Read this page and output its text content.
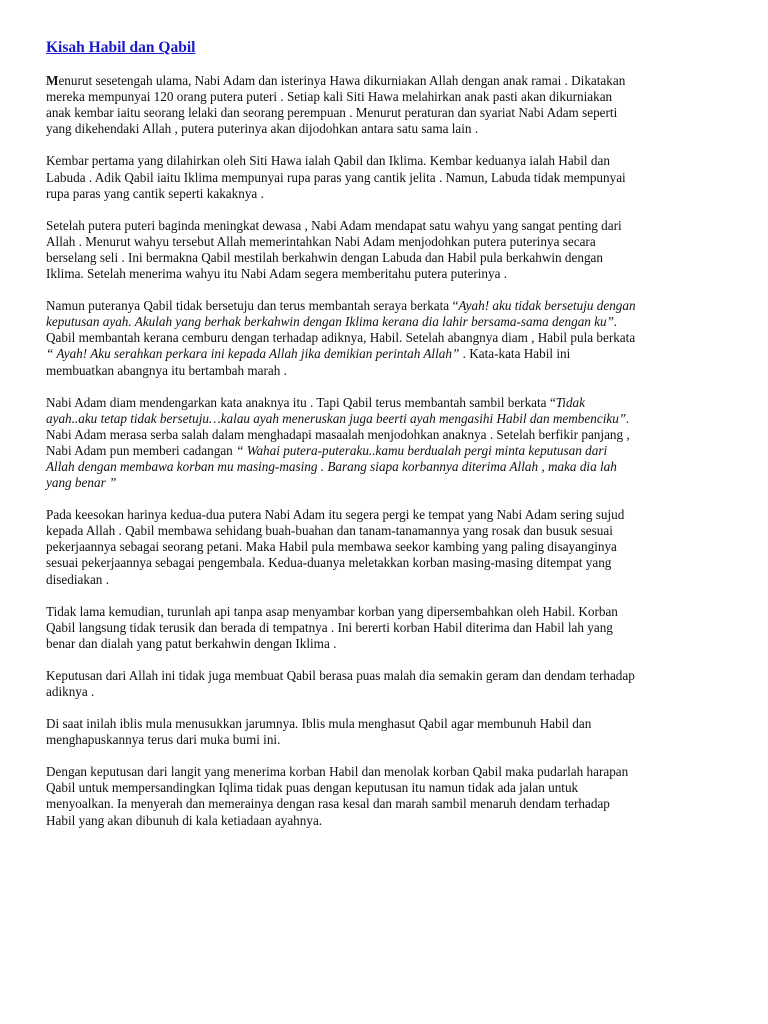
Kisah Habil dan Qabil
Menurut sesetengah ulama, Nabi Adam dan isterinya Hawa dikurniakan Allah dengan anak ramai . Dikatakan
mereka mempunyai 120 orang putera puteri . Setiap kali Siti Hawa melahirkan anak pasti akan dikurniakan
anak kembar iaitu seorang lelaki dan seorang perempuan . Menurut peraturan dan syariat Nabi Adam seperti
yang dikehendaki Allah , putera puterinya akan dijodohkan antara satu sama lain .
Kembar pertama yang dilahirkan oleh Siti Hawa ialah Qabil dan Iklima. Kembar keduanya ialah Habil dan
Labuda . Adik Qabil iaitu Iklima mempunyai rupa paras yang cantik jelita . Namun, Labuda tidak mempunyai
rupa paras yang cantik seperti kakaknya .
Setelah putera puteri baginda meningkat dewasa , Nabi Adam mendapat satu wahyu yang sangat penting dari
Allah . Menurut wahyu tersebut Allah memerintahkan Nabi Adam menjodohkan putera puterinya secara
berselang seli . Ini bermakna Qabil mestilah berkahwin dengan Labuda dan Habil pula berkahwin dengan
Iklima. Setelah menerima wahyu itu Nabi Adam segera memberitahu putera puterinya .
Namun puteranya Qabil tidak bersetuju dan terus membantah seraya berkata “Ayah! aku tidak bersetuju dengan
keputusan ayah. Akulah yang berhak berkahwin dengan Iklima kerana dia lahir bersama-sama dengan ku”.
Qabil membantah kerana cemburu dengan terhadap adiknya, Habil. Setelah abangnya diam , Habil pula berkata
“ Ayah! Aku serahkan perkara ini kepada Allah jika demikian perintah Allah” . Kata-kata Habil ini
membuatkan abangnya itu bertambah marah .
Nabi Adam diam mendengarkan kata anaknya itu . Tapi Qabil terus membantah sambil berkata “Tidak
ayah..aku tetap tidak bersetuju…kalau ayah meneruskan juga beerti ayah mengasihi Habil dan membenciku”.
Nabi Adam merasa serba salah dalam menghadapi masaalah menjodohkan anaknya . Setelah berfikir panjang ,
Nabi Adam pun memberi cadangan “ Wahai putera-puteraku..kamu berdualah pergi minta keputusan dari
Allah dengan membawa korban mu masing-masing . Barang siapa korbannya diterima Allah , maka dia lah
yang benar ”
Pada keesokan harinya kedua-dua putera Nabi Adam itu segera pergi ke tempat yang Nabi Adam sering sujud
kepada Allah . Qabil membawa sehidang buah-buahan dan tanam-tanamannya yang rosak dan busuk sesuai
pekerjaannya sebagai seorang petani. Maka Habil pula membawa seekor kambing yang paling disayanginya
sesuai pekerjaannya sebagai pengembala. Kedua-duanya meletakkan korban masing-masing ditempat yang
disediakan .
Tidak lama kemudian, turunlah api tanpa asap menyambar korban yang dipersembahkan oleh Habil. Korban
Qabil langsung tidak terusik dan berada di tempatnya . Ini bererti korban Habil diterima dan Habil lah yang
benar dan dialah yang patut berkahwin dengan Iklima .
Keputusan dari Allah ini tidak juga membuat Qabil berasa puas malah dia semakin geram dan dendam terhadap
adiknya .
Di saat inilah iblis mula menusukkan jarumnya. Iblis mula menghasut Qabil agar membunuh Habil dan
menghapuskannya terus dari muka bumi ini.
Dengan keputusan dari langit yang menerima korban Habil dan menolak korban Qabil maka pudarlah harapan
Qabil untuk mempersandingkan Iqlima tidak puas dengan keputusan itu namun tidak ada jalan untuk
menyoalkan. Ia menyerah dan memerainya dengan rasa kesal dan marah sambil menaruh dendam terhadap
Habil yang akan dibunuh di kala ketiadaan ayahnya.
